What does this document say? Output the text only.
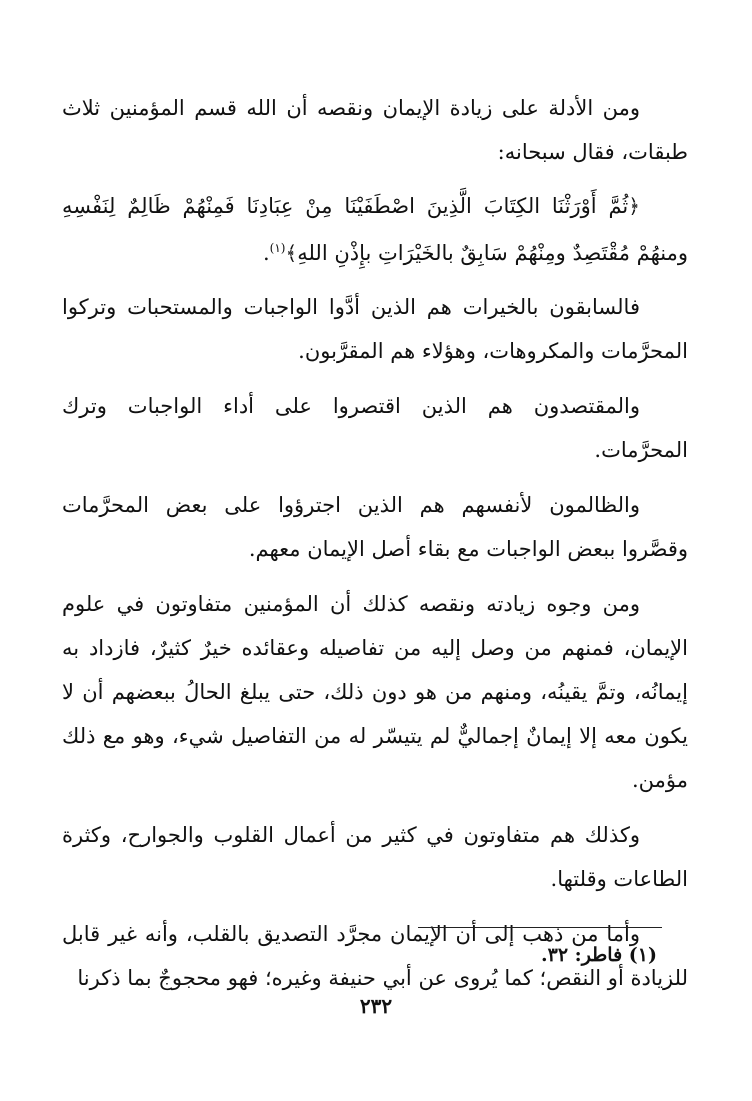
ومن الأدلة على زيادة الإيمان ونقصه أن الله قسم المؤمنين ثلاث طبقات، فقال سبحانه:

﴿ثُمَّ أَوْرَثْنَا الكِتَابَ الَّذِينَ اصْطَفَيْنَا مِنْ عِبَادِنَا فَمِنْهُمْ ظَالِمٌ لِنَفْسِهِ ومنهُمْ مُقْتَصِدٌ ومِنْهُمْ سَابِقٌ بالخَيْرَاتِ بإِذْنِ اللهِ﴾$^{(١)}$.

فالسابقون بالخيرات هم الذين أدَّوا الواجبات والمستحبات وتركوا المحرَّمات والمكروهات، وهؤلاء هم المقرَّبون.

والمقتصدون هم الذين اقتصروا على أداء الواجبات وترك المحرَّمات.

والظالمون لأنفسهم هم الذين اجترؤوا على بعض المحرَّمات وقصَّروا ببعض الواجبات مع بقاء أصل الإيمان معهم.

ومن وجوه زيادته ونقصه كذلك أن المؤمنين متفاوتون في علوم الإيمان، فمنهم من وصل إليه من تفاصيله وعقائده خيرٌ كثيرٌ، فازداد به إيمانُه، وتمَّ يقينُه، ومنهم من هو دون ذلك، حتى يبلغ الحالُ ببعضهم أن لا يكون معه إلا إيمانٌ إجماليٌّ لم يتيسّر له من التفاصيل شيء، وهو مع ذلك مؤمن.

وكذلك هم متفاوتون في كثير من أعمال القلوب والجوارح، وكثرة الطاعات وقلتها.

وأما من ذهب إلى أن الإيمان مجرَّد التصديق بالقلب، وأنه غير قابل للزيادة أو النقص؛ كما يُروى عن أبي حنيفة وغيره؛ فهو محجوجٌ بما ذكرنا

(١) فاطر: ٣٢.
٢٣٢
